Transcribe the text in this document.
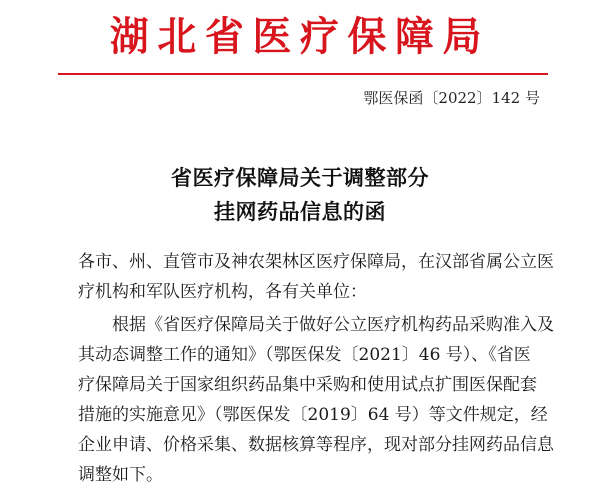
湖北省医疗保障局
鄂医保函〔2022〕142 号
省医疗保障局关于调整部分
挂网药品信息的函
各市、州、直管市及神农架林区医疗保障局，在汉部省属公立医
疗机构和军队医疗机构，各有关单位：
　　根据《省医疗保障局关于做好公立医疗机构药品采购准入及
其动态调整工作的通知》（鄂医保发〔2021〕46 号）、《省医
疗保障局关于国家组织药品集中采购和使用试点扩围医保配套
措施的实施意见》（鄂医保发〔2019〕64 号）等文件规定，经
企业申请、价格采集、数据核算等程序，现对部分挂网药品信息
调整如下。
